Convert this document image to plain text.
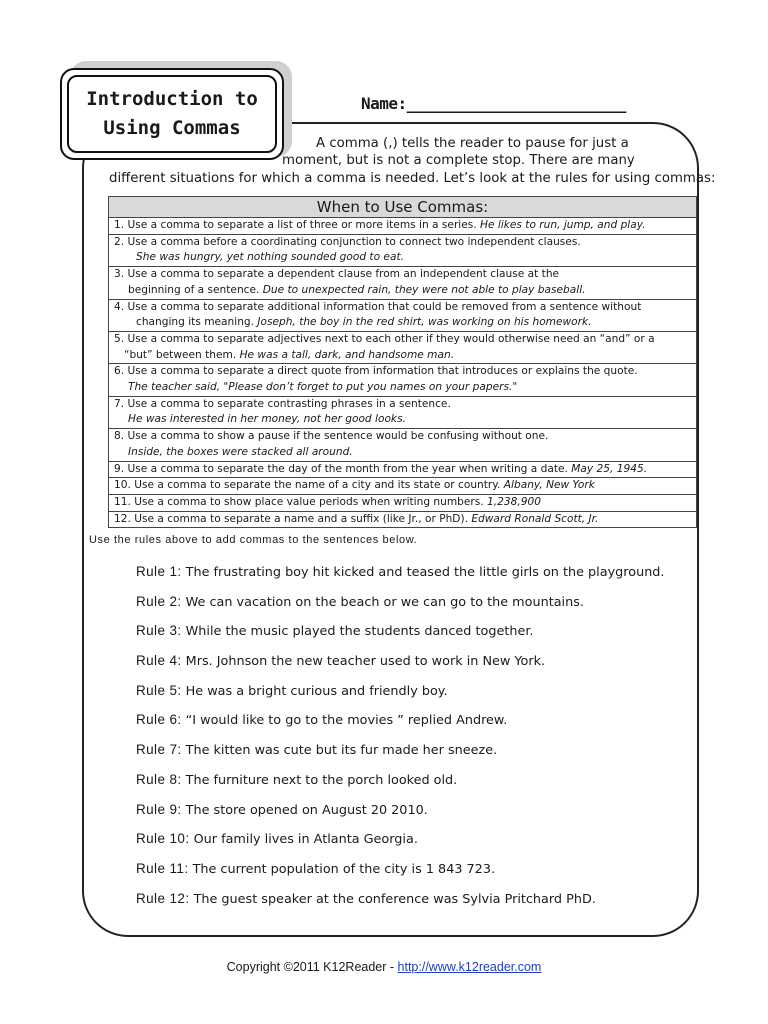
Introduction to
Using Commas
Name:________________________
A comma (,) tells the reader to pause for just a
moment, but is not a complete stop. There are many
different situations for which a comma is needed. Let’s look at the rules for using commas:
When to Use Commas:
1. Use a comma to separate a list of three or more items in a series. He likes to run, jump, and play.
2. Use a comma before a coordinating conjunction to connect two independent clauses.
She was hungry, yet nothing sounded good to eat.
3. Use a comma to separate a dependent clause from an independent clause at the
beginning of a sentence. Due to unexpected rain, they were not able to play baseball.
4. Use a comma to separate additional information that could be removed from a sentence without
changing its meaning. Joseph, the boy in the red shirt, was working on his homework.
5. Use a comma to separate adjectives next to each other if they would otherwise need an “and” or a
“but” between them. He was a tall, dark, and handsome man.
6. Use a comma to separate a direct quote from information that introduces or explains the quote.
The teacher said, "Please don’t forget to put you names on your papers."
7. Use a comma to separate contrasting phrases in a sentence.
He was interested in her money, not her good looks.
8. Use a comma to show a pause if the sentence would be confusing without one.
Inside, the boxes were stacked all around.
9. Use a comma to separate the day of the month from the year when writing a date. May 25, 1945.
10. Use a comma to separate the name of a city and its state or country. Albany, New York
11. Use a comma to show place value periods when writing numbers. 1,238,900
12. Use a comma to separate a name and a suffix (like Jr., or PhD). Edward Ronald Scott, Jr.
Use the rules above to add commas to the sentences below.
Rule 1: The frustrating boy hit kicked and teased the little girls on the playground.
Rule 2: We can vacation on the beach or we can go to the mountains.
Rule 3: While the music played the students danced together.
Rule 4: Mrs. Johnson the new teacher used to work in New York.
Rule 5: He was a bright curious and friendly boy.
Rule 6: “I would like to go to the movies ” replied Andrew.
Rule 7: The kitten was cute but its fur made her sneeze.
Rule 8: The furniture next to the porch looked old.
Rule 9: The store opened on August 20 2010.
Rule 10: Our family lives in Atlanta Georgia.
Rule 11: The current population of the city is 1 843 723.
Rule 12: The guest speaker at the conference was Sylvia Pritchard PhD.
Copyright ©2011 K12Reader - http://www.k12reader.com
